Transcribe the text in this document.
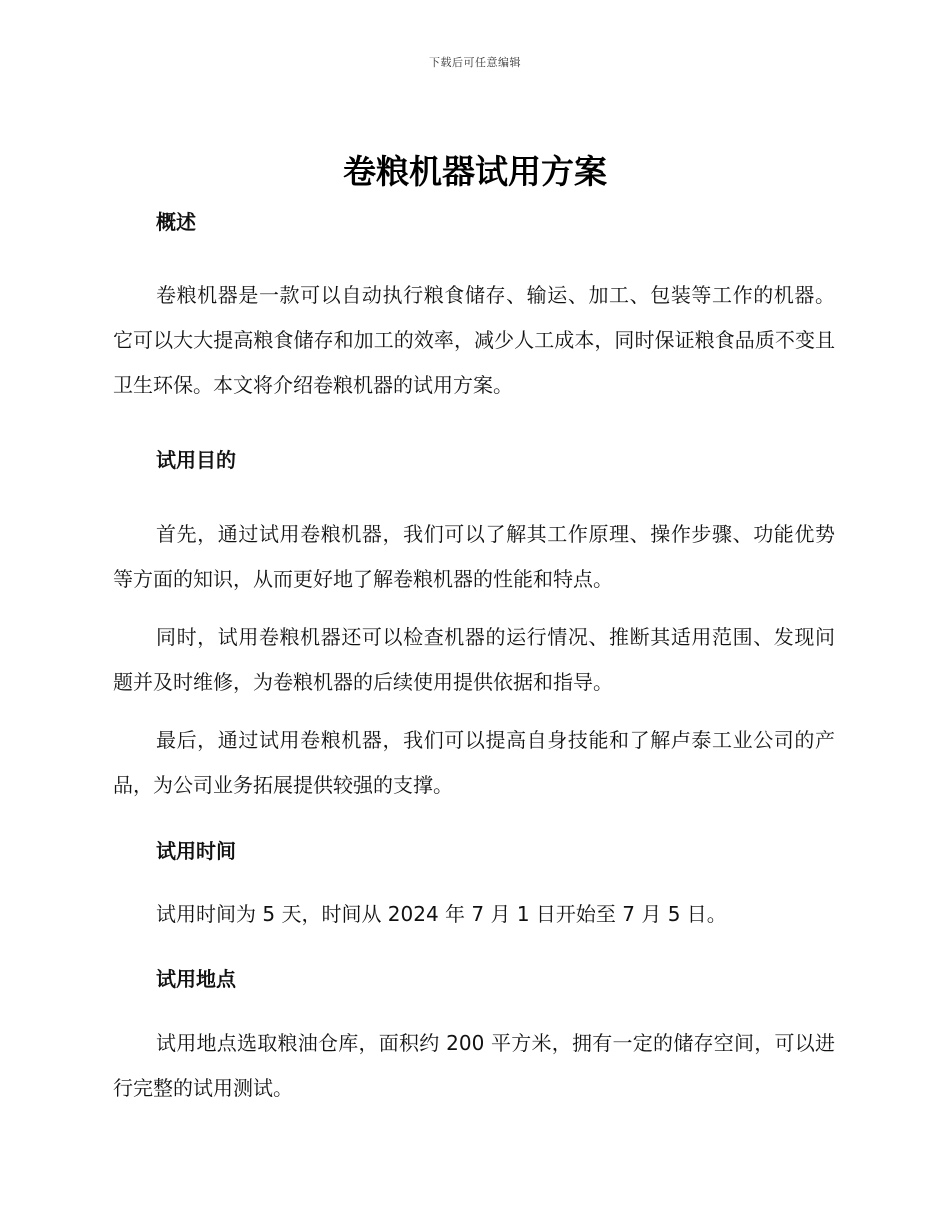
下载后可任意编辑
卷粮机器试用方案
概述

卷粮机器是一款可以自动执行粮食储存、输运、加工、包装等工作的机器。它可以大大提高粮食储存和加工的效率，减少人工成本，同时保证粮食品质不变且卫生环保。本文将介绍卷粮机器的试用方案。

试用目的

首先，通过试用卷粮机器，我们可以了解其工作原理、操作步骤、功能优势等方面的知识，从而更好地了解卷粮机器的性能和特点。

同时，试用卷粮机器还可以检查机器的运行情况、推断其适用范围、发现问题并及时维修，为卷粮机器的后续使用提供依据和指导。

最后，通过试用卷粮机器，我们可以提高自身技能和了解卢泰工业公司的产品，为公司业务拓展提供较强的支撑。

试用时间

试用时间为 5 天，时间从 2024 年 7 月 1 日开始至 7 月 5 日。

试用地点

试用地点选取粮油仓库，面积约 200 平方米，拥有一定的储存空间，可以进行完整的试用测试。
